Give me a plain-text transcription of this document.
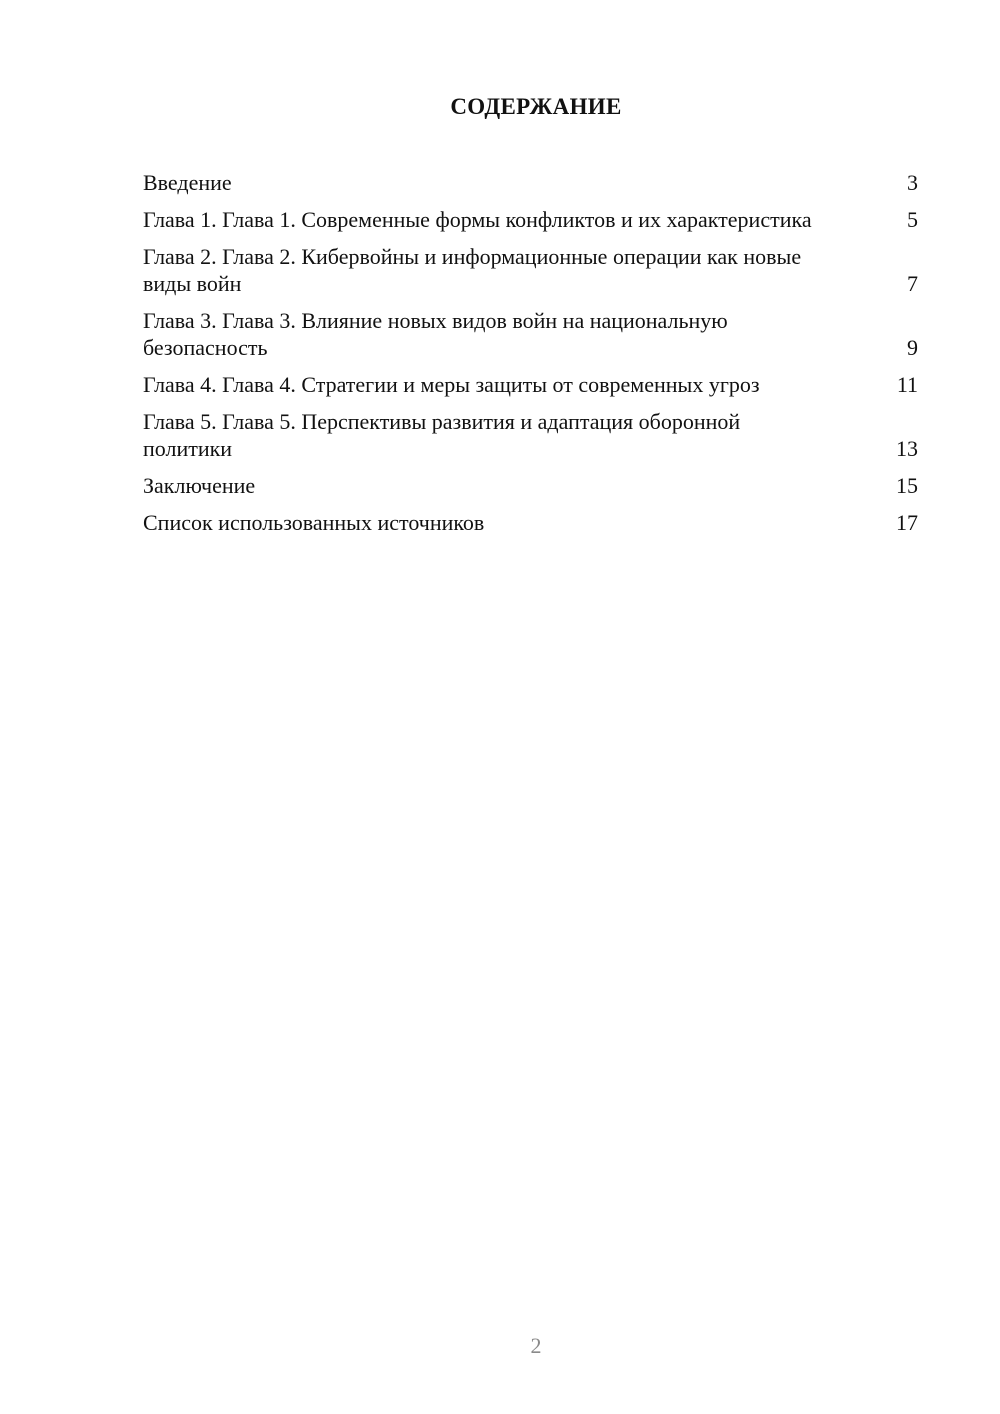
СОДЕРЖАНИЕ
Введение	3
Глава 1. Глава 1. Современные формы конфликтов и их характеристика	5
Глава 2. Глава 2. Кибервойны и информационные операции как новые виды войн	7
Глава 3. Глава 3. Влияние новых видов войн на национальную безопасность	9
Глава 4. Глава 4. Стратегии и меры защиты от современных угроз	11
Глава 5. Глава 5. Перспективы развития и адаптация оборонной политики	13
Заключение	15
Список использованных источников	17
2
